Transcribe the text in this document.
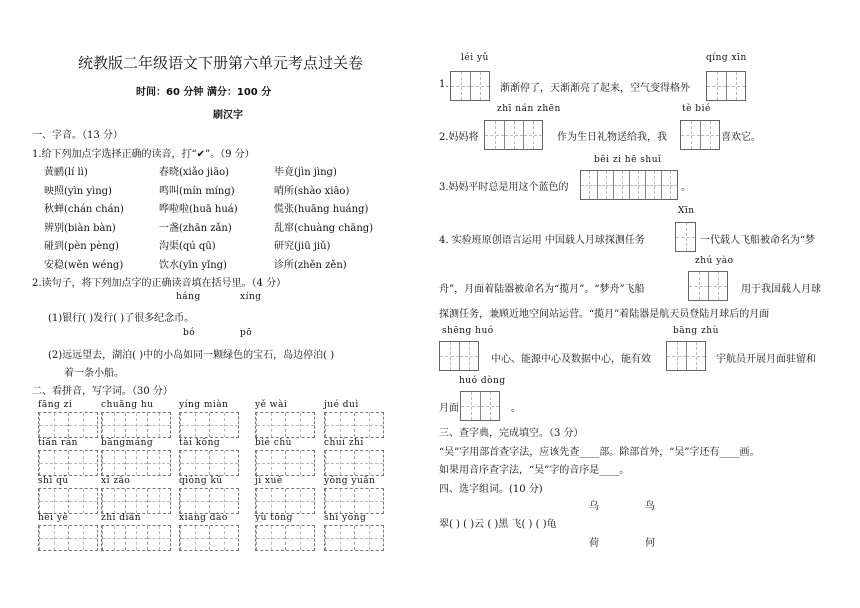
统教版二年级语文下册第六单元考点过关卷
时间：60 分钟 满分：100 分
刷汉字
一、字音。（13 分）
1.给下列加点字选择正确的读音，打“✔”。（9 分）
黄鹂(lí lì)	春晓(xiǎo jiāo)	毕竟(jìn jìng)
映照(yìn yìng)	鸣叫(mín míng)	哨所(shào xiāo)
秋蝉(chán chán)	哗啦啦(huā huá)	慌张(huāng huáng)
辨别(biàn bàn)	一盏(zhān zǎn)	乱窜(chuàng chāng)
碰到(pèn pèng)	沟渠(qú qū)	研究(jiū jiǔ)
安稳(wěn wéng)	饮水(yīn yǐng)	诊所(zhěn zěn)
2.读句子，将下列加点字的正确读音填在括号里。（4 分）
háng	xíng
(1)银行( )发行( )了很多纪念币。
bó	pō
(2)远远望去，湖泊( )中的小岛如同一颗绿色的宝石，岛边停泊( )
着一条小船。
二、看拼音，写字词。（30 分）
fāng zi	chuāng hu	yíng miàn	yě wài	jué duì
tiān rán	bāngmáng	tài kōng	bié chù	chuí zhí
shī qù	xī zǎo	qióng kǔ	jì xuě	yǒng yuǎn
hēi yè	zhī diǎn	xiāng dào	yù tōng	shí yòng
léi yǔ	qíng xīn
1.	渐渐停了，天渐渐亮了起来，空气变得格外
zhī nán zhēn	tè bié
2.妈妈将	作为生日礼物送给我，我	喜欢它。
bēi zi hē shuǐ
3.妈妈平时总是用这个蓝色的	。
Xīn
4. 实验班原创语言运用 中国载人月球探测任务	一代载人飞船被命名为“梦
zhú yào
舟”，月面着陆器被命名为“揽月”。“梦舟”飞船	用于我国载人月球
探测任务，兼顾近地空间站运营。“揽月”着陆器是航天员登陆月球后的月面
shēng huó	bāng zhù
中心、能源中心及数据中心，能有效	宇航员开展月面驻留和
huó dòng
月面	。
三、查字典，完成填空。（3 分）
“吴”字用部首查字法，应该先查____部。除部首外，“吴”字还有____画。
如果用音序查字法，“吴”字的音序是____。
四、选字组词。(10 分)
乌	鸟
翠( ) ( )云 ( )黑 飞( ) ( )龟
荷	何
